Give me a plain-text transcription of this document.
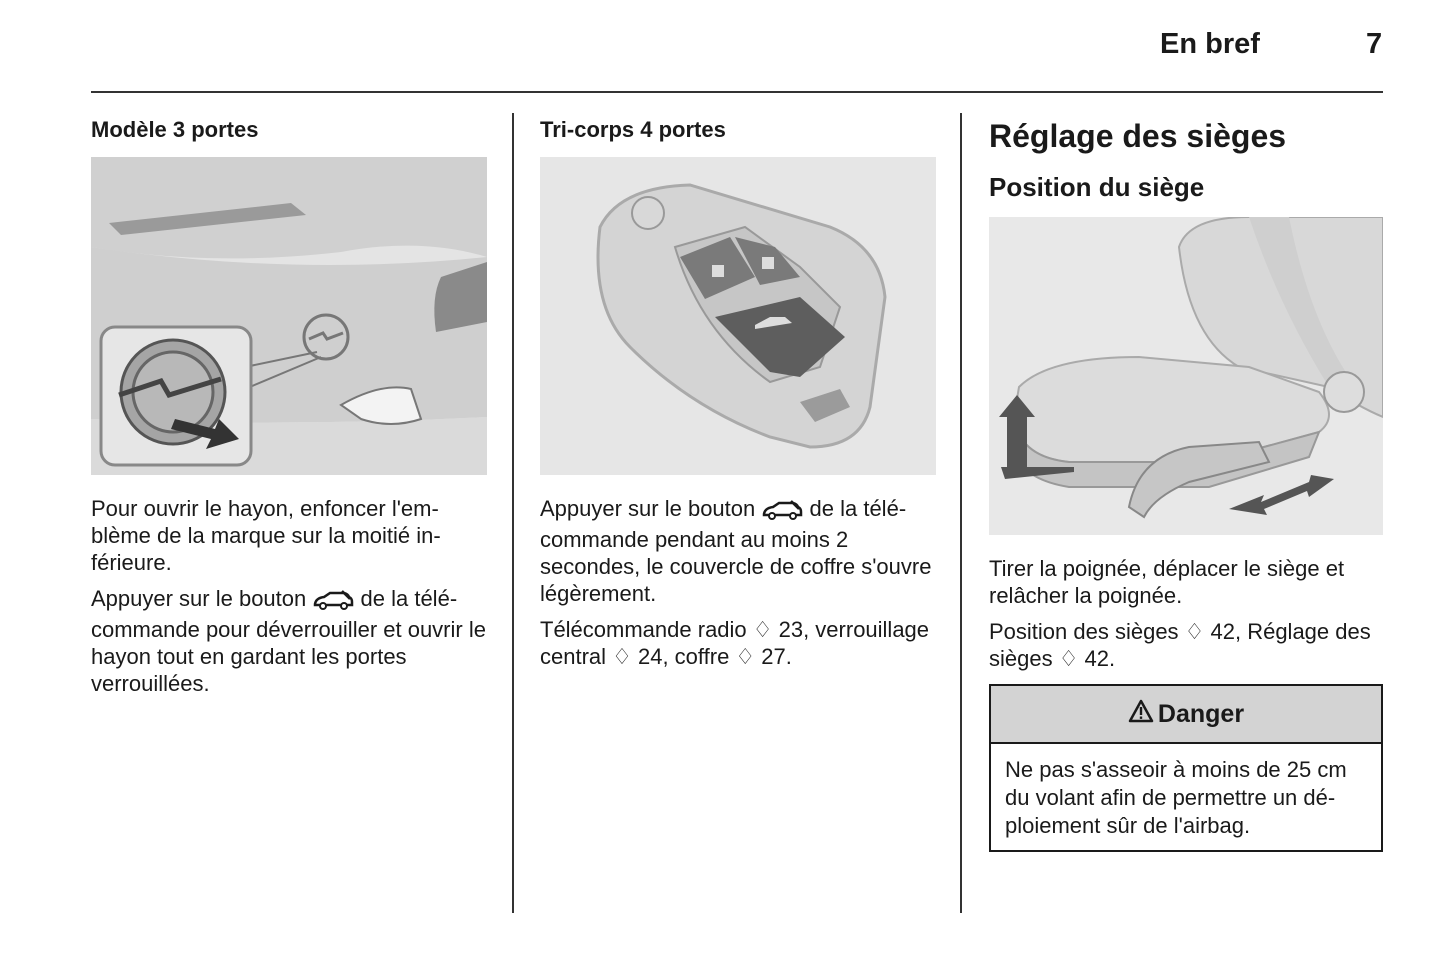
En bref	7
Modèle 3 portes

Pour ouvrir le hayon, enfoncer l'emblème de la marque sur la moitié inférieure.

Appuyer sur le bouton de la télécommande pour déverrouiller et ouvrir le hayon tout en gardant les portes verrouillées.

Tri-corps 4 portes

Appuyer sur le bouton de la télécommande pendant au moins 2 secondes, le couvercle de coffre s'ouvre légèrement.

Télécommande radio ♢ 23, verrouillage central ♢ 24, coffre ♢ 27.

Réglage des sièges
Position du siège

Tirer la poignée, déplacer le siège et relâcher la poignée.

Position des sièges ♢ 42, Réglage des sièges ♢ 42.

Danger
Ne pas s'asseoir à moins de 25 cm du volant afin de permettre un déploiement sûr de l'airbag.
